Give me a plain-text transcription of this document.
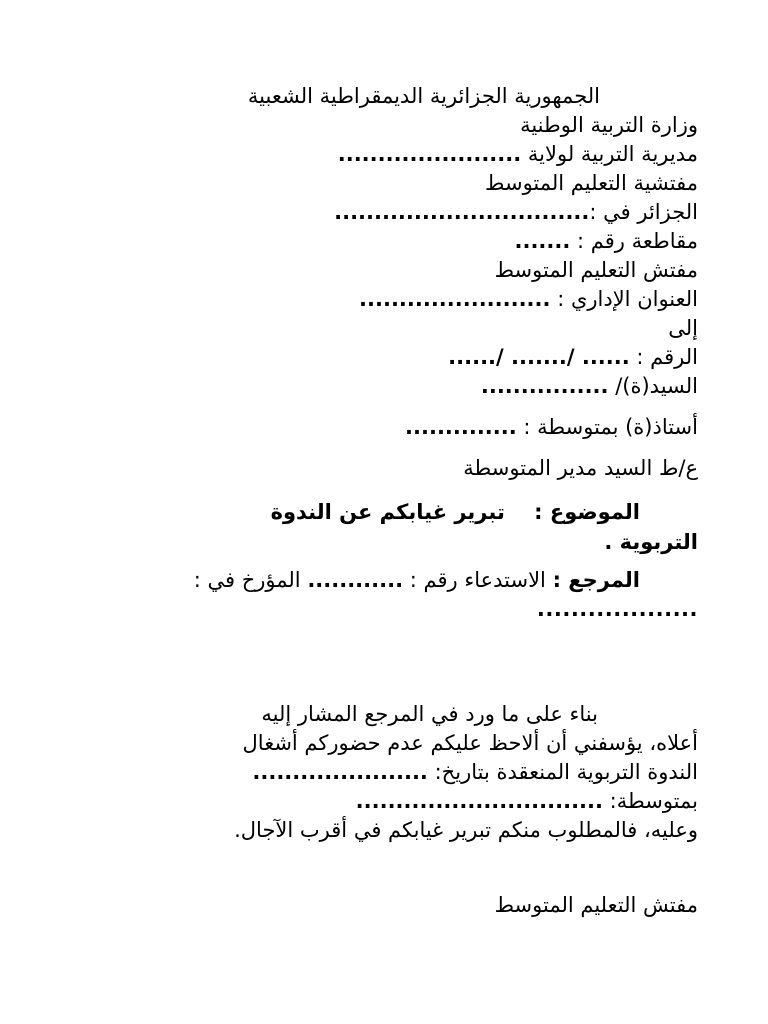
الجمهورية الجزائرية الديمقراطية الشعبية
وزارة التربية الوطنية
مديرية التربية لولاية .......................
مفتشية التعليم المتوسط
الجزائر في :................................
مقاطعة رقم : .......
مفتش التعليم المتوسط
العنوان الإداري : ........................
إلى
الرقم : ...... /....... /......
السيد(ة)/ ................
أستاذ(ة) بمتوسطة : ..............
ع/ط السيد مدير المتوسطة
الموضوع : تبرير غيابكم عن الندوة
التربوية .
المرجع : الاستدعاء رقم : ............ المؤرخ في :
...................
بناء على ما ورد في المرجع المشار إليه
أعلاه، يؤسفني أن ألاحظ عليكم عدم حضوركم أشغال
الندوة التربوية المنعقدة بتاريخ: ......................
بمتوسطة: ...............................
وعليه، فالمطلوب منكم تبرير غيابكم في أقرب الآجال.
مفتش التعليم المتوسط
